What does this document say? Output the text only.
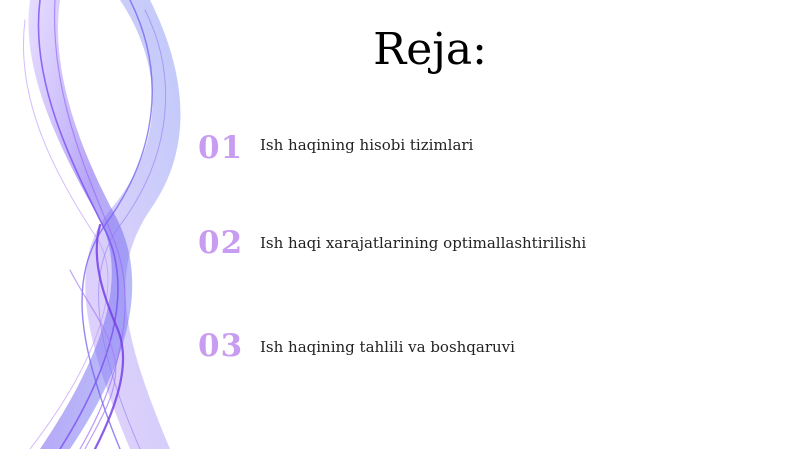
Reja:
01 Ish haqining hisobi tizimlari
02 Ish haqi xarajatlarining optimallashtirilishi
03 Ish haqining tahlili va boshqaruvi
